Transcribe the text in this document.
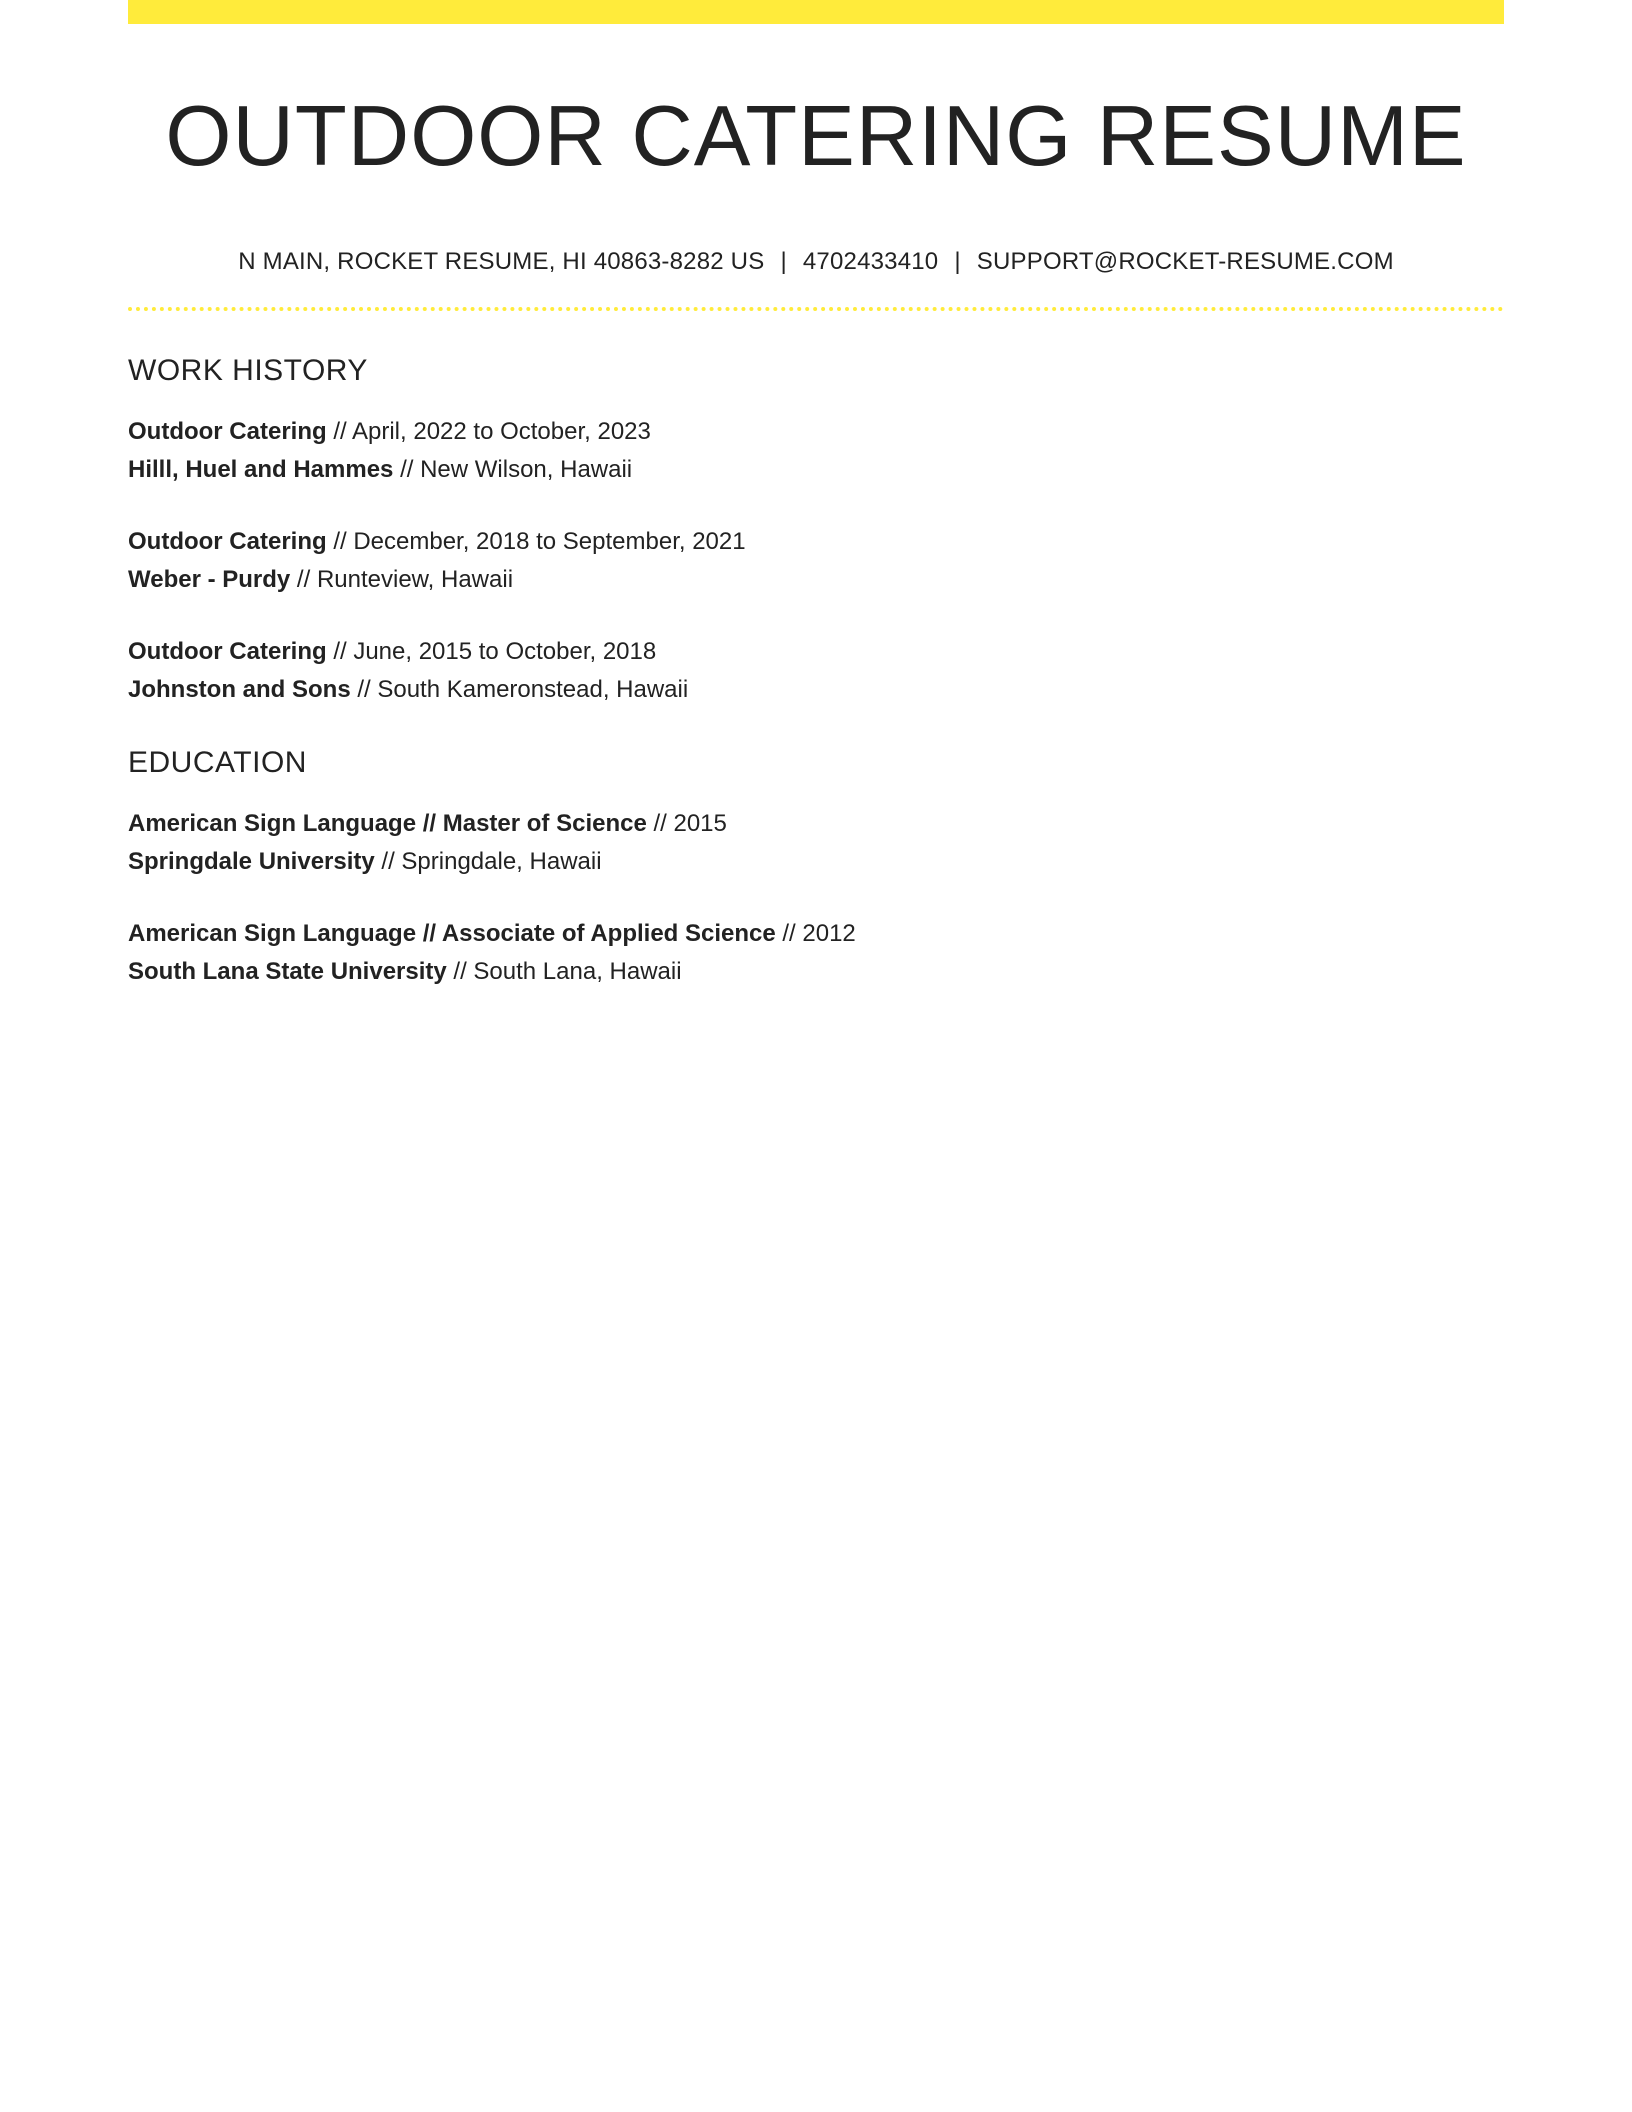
OUTDOOR CATERING RESUME
N MAIN, ROCKET RESUME, HI 40863-8282 US | 4702433410 | SUPPORT@ROCKET-RESUME.COM
WORK HISTORY
Outdoor Catering // April, 2022 to October, 2023
Hilll, Huel and Hammes // New Wilson, Hawaii
Outdoor Catering // December, 2018 to September, 2021
Weber - Purdy // Runteview, Hawaii
Outdoor Catering // June, 2015 to October, 2018
Johnston and Sons // South Kameronstead, Hawaii
EDUCATION
American Sign Language // Master of Science // 2015
Springdale University // Springdale, Hawaii
American Sign Language // Associate of Applied Science // 2012
South Lana State University // South Lana, Hawaii
